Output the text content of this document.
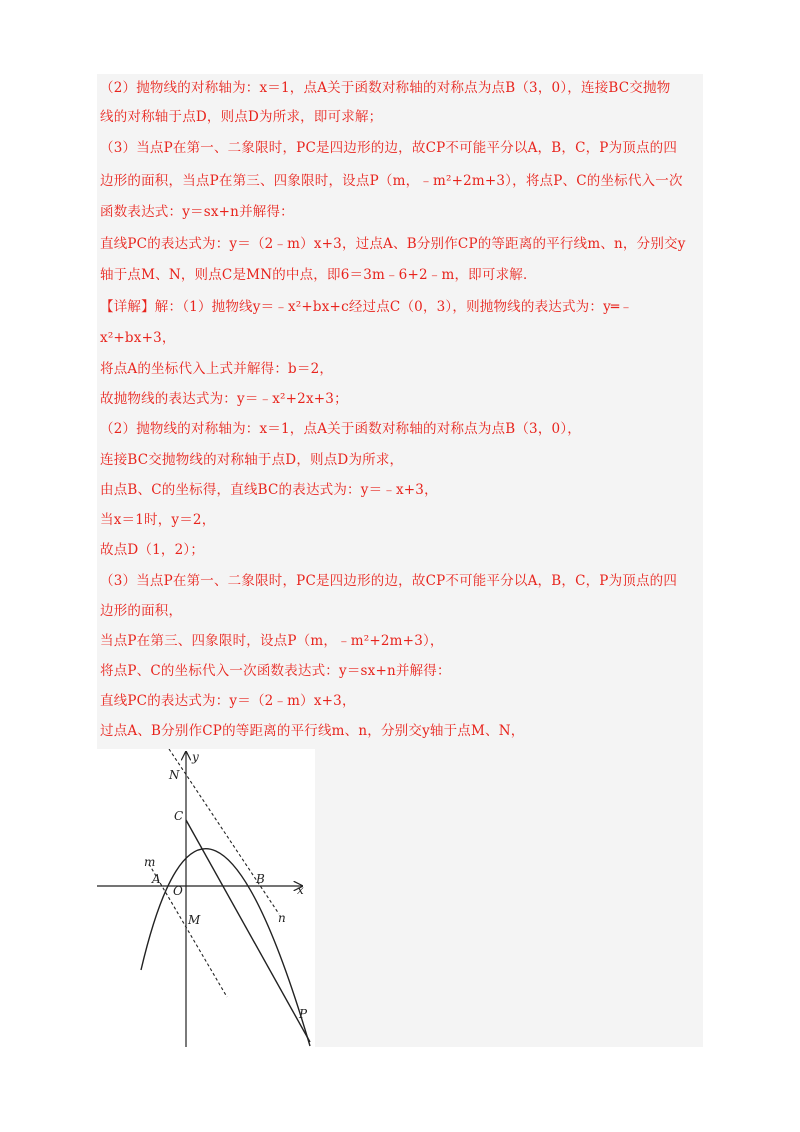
（2）抛物线的对称轴为：x＝1，点A关于函数对称轴的对称点为点B（3，0），连接BC交抛物
线的对称轴于点D，则点D为所求，即可求解；
（3）当点P在第一、二象限时，PC是四边形的边，故CP不可能平分以A，B，C，P为顶点的四
边形的面积，当点P在第三、四象限时，设点P（m，﹣m²+2m+3），将点P、C的坐标代入一次
函数表达式：y＝sx+n并解得：
直线PC的表达式为：y＝（2﹣m）x+3，过点A、B分别作CP的等距离的平行线m、n，分别交y
轴于点M、N，则点C是MN的中点，即6＝3m﹣6+2﹣m，即可求解．
【详解】解：（1）抛物线y＝﹣x²+bx+c经过点C（0，3），则抛物线的表达式为：y═﹣
x²+bx+3，
将点A的坐标代入上式并解得：b＝2，
故抛物线的表达式为：y＝﹣x²+2x+3；
（2）抛物线的对称轴为：x＝1，点A关于函数对称轴的对称点为点B（3，0），
连接BC交抛物线的对称轴于点D，则点D为所求，
由点B、C的坐标得，直线BC的表达式为：y＝﹣x+3，
当x＝1时，y＝2，
故点D（1，2）；
（3）当点P在第一、二象限时，PC是四边形的边，故CP不可能平分以A，B，C，P为顶点的四
边形的面积，
当点P在第三、四象限时，设点P（m，﹣m²+2m+3），
将点P、C的坐标代入一次函数表达式：y＝sx+n并解得：
直线PC的表达式为：y＝（2﹣m）x+3，
过点A、B分别作CP的等距离的平行线m、n，分别交y轴于点M、N，
y
x
N
C
m
A
O
B
M	n
P
